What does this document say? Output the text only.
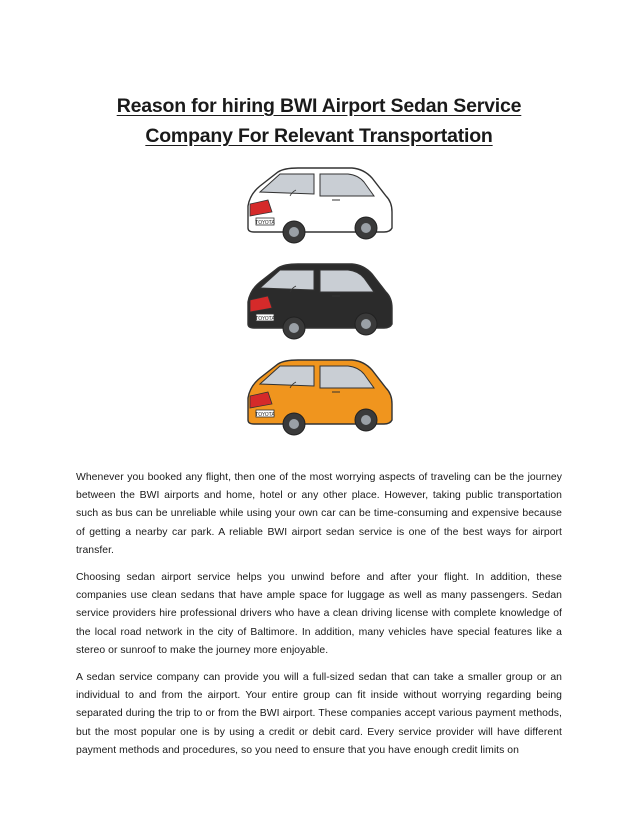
Reason for hiring BWI Airport Sedan Service
Company For Relevant Transportation

Whenever you booked any flight, then one of the most worrying aspects of traveling can be the journey between the BWI airports and home, hotel or any other place. However, taking public transportation such as bus can be unreliable while using your own car can be time-consuming and expensive because of getting a nearby car park. A reliable BWI airport sedan service is one of the best ways for airport transfer.

Choosing sedan airport service helps you unwind before and after your flight. In addition, these companies use clean sedans that have ample space for luggage as well as many passengers. Sedan service providers hire professional drivers who have a clean driving license with complete knowledge of the local road network in the city of Baltimore. In addition, many vehicles have special features like a stereo or sunroof to make the journey more enjoyable.

A sedan service company can provide you will a full-sized sedan that can take a smaller group or an individual to and from the airport. Your entire group can fit inside without worrying regarding being separated during the trip to or from the BWI airport. These companies accept various payment methods, but the most popular one is by using a credit or debit card. Every service provider will have different payment methods and procedures, so you need to ensure that you have enough credit limits on
